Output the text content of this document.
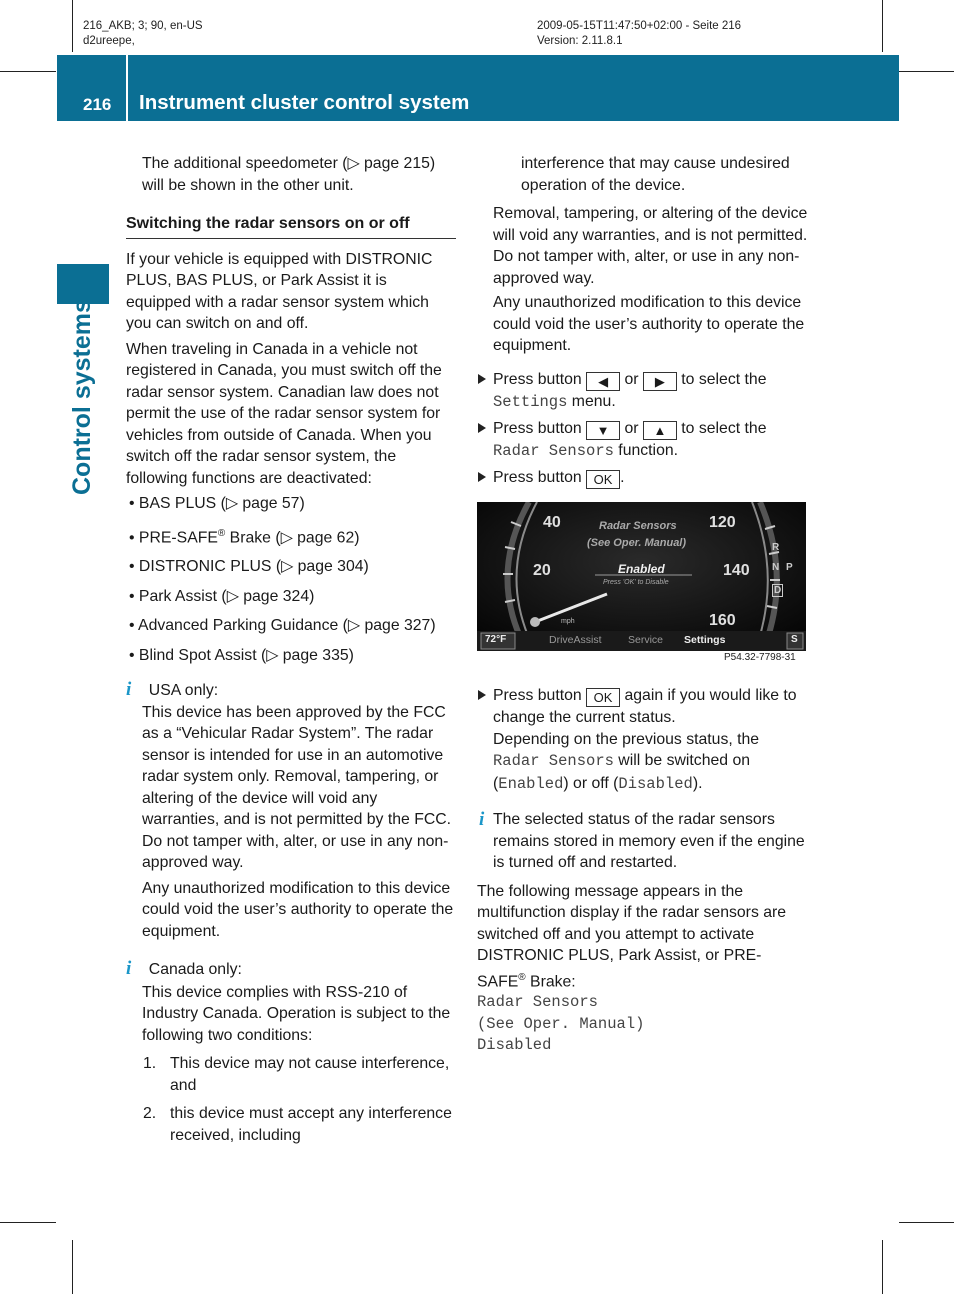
216_AKB; 3; 90, en-US
d2ureepe,
2009-05-15T11:47:50+02:00 - Seite 216
Version: 2.11.8.1
216 Instrument cluster control system
Control systems

The additional speedometer (▷ page 215) will be shown in the other unit.

Switching the radar sensors on or off

If your vehicle is equipped with DISTRONIC PLUS, BAS PLUS, or Park Assist it is equipped with a radar sensor system which you can switch on and off.

When traveling in Canada in a vehicle not registered in Canada, you must switch off the radar sensor system. Canadian law does not permit the use of the radar sensor system for vehicles from outside of Canada. When you switch off the radar sensor system, the following functions are deactivated:

• BAS PLUS (▷ page 57)
• PRE-SAFE® Brake (▷ page 62)
• DISTRONIC PLUS (▷ page 304)
• Park Assist (▷ page 324)
• Advanced Parking Guidance (▷ page 327)
• Blind Spot Assist (▷ page 335)

i USA only:

This device has been approved by the FCC as a “Vehicular Radar System”. The radar sensor is intended for use in an automotive radar system only. Removal, tampering, or altering of the device will void any warranties, and is not permitted by the FCC. Do not tamper with, alter, or use in any non-approved way.

Any unauthorized modification to this device could void the user’s authority to operate the equipment.

i Canada only:

This device complies with RSS-210 of Industry Canada. Operation is subject to the following two conditions:

1. This device may not cause interference, and
2. this device must accept any interference received, including

interference that may cause undesired operation of the device.

Removal, tampering, or altering of the device will void any warranties, and is not permitted. Do not tamper with, alter, or use in any non-approved way.

Any unauthorized modification to this device could void the user’s authority to operate the equipment.

Press button ◀ or ▶ to select the
Settings menu.
Press button ▼ or ▲ to select the
Radar Sensors function.
Press button OK .
40
20
120
140
160
mph
Radar Sensors
(See Oper. Manual)
Enabled
Press 'OK' to Disable
R
N P
D
72°F	DriveAssist	Service Settings	S
P54.32-7798-31
Press button OK again if you would like to change the current status.
Depending on the previous status, the Radar Sensors will be switched on (Enabled) or off (Disabled).
i The selected status of the radar sensors remains stored in memory even if the engine is turned off and restarted.

The following message appears in the multifunction display if the radar sensors are switched off and you attempt to activate DISTRONIC PLUS, Park Assist, or PRE-SAFE® Brake:

Radar Sensors
(See Oper. Manual)
Disabled
